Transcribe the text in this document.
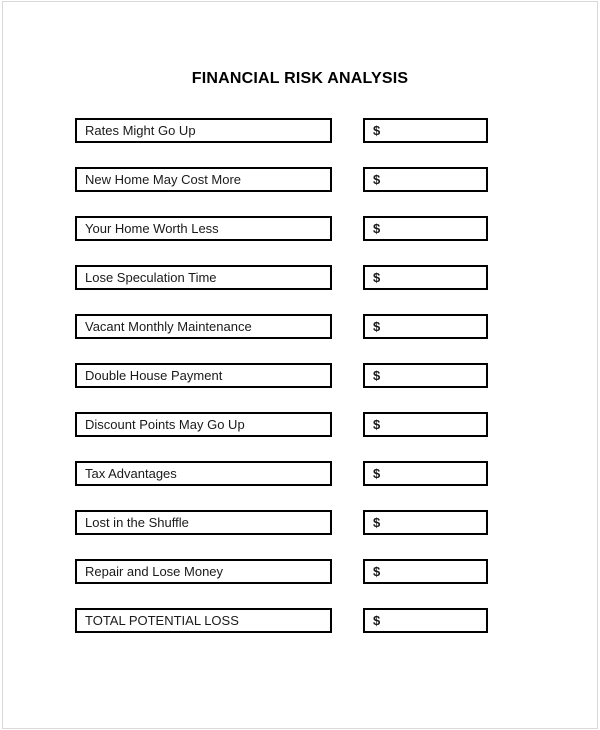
FINANCIAL RISK ANALYSIS
Rates Might Go Up	$
New Home May Cost More	$
Your Home Worth Less	$
Lose Speculation Time	$
Vacant Monthly Maintenance	$
Double House Payment	$
Discount Points May Go Up	$
Tax Advantages	$
Lost in the Shuffle	$
Repair and Lose Money	$
TOTAL POTENTIAL LOSS	$
